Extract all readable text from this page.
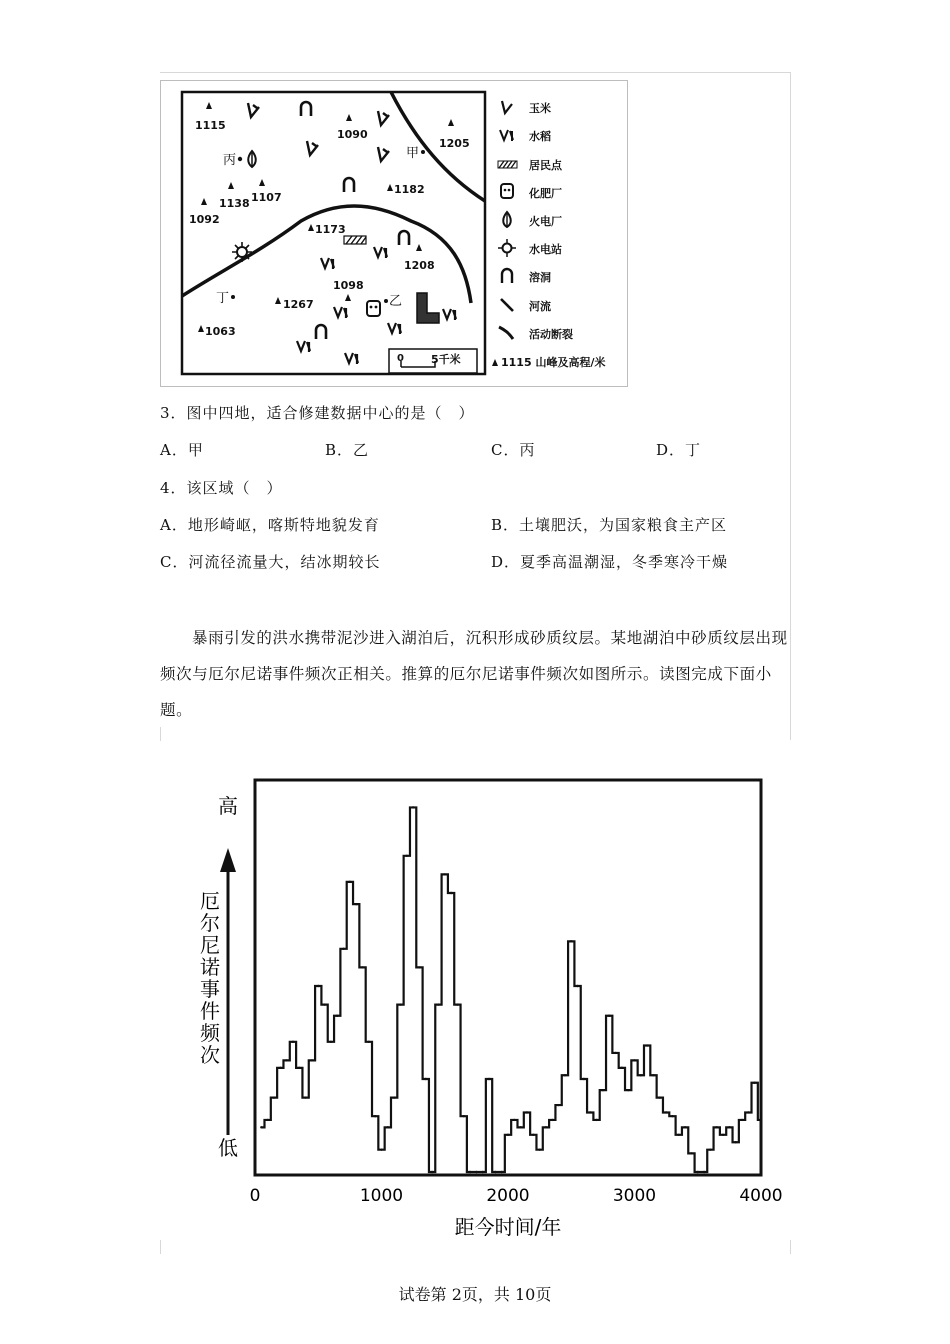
1115
1090
1205
1182
1138 1107
1092
1173
1208
1098
1267
1063
甲
乙
丙
丁
0 5千米
玉米
水稻
居民点
化肥厂
火电厂
水电站
溶洞
河流
活动断裂
1115 山峰及高程/米
3．图中四地，适合修建数据中心的是（　）
A．甲	B．乙	C．丙	D．丁
4．该区域（　）
A．地形崎岖，喀斯特地貌发育	B．土壤肥沃，为国家粮食主产区
C．河流径流量大，结冰期较长	D．夏季高温潮湿，冬季寒冷干燥

暴雨引发的洪水携带泥沙进入湖泊后，沉积形成砂质纹层。某地湖泊中砂质纹层出现频次与厄尔尼诺事件频次正相关。推算的厄尔尼诺事件频次如图所示。读图完成下面小题。

高
低
厄尔尼诺事件频次
0	1000	2000	3000	4000
距今时间/年
试卷第 2页，共 10页
